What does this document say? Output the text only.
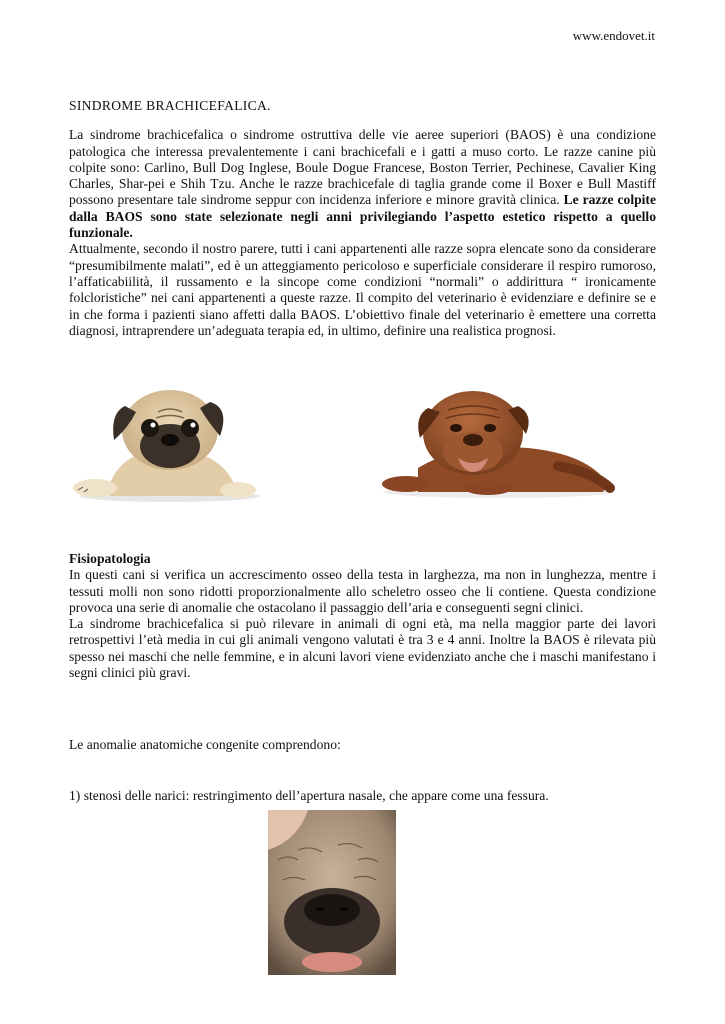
www.endovet.it
SINDROME BRACHICEFALICA.

La sindrome brachicefalica o sindrome ostruttiva delle vie aeree superiori (BAOS) è una condizione patologica che interessa prevalentemente i cani brachicefali e i gatti a muso corto. Le razze canine più colpite sono: Carlino, Bull Dog Inglese, Boule Dogue Francese, Boston Terrier, Pechinese, Cavalier King Charles, Shar-pei e Shih Tzu. Anche le razze brachicefale di taglia grande come il Boxer e Bull Mastiff possono presentare tale sindrome seppur con incidenza inferiore e minore gravità clinica. Le razze colpite dalla BAOS sono state selezionate negli anni privilegiando l’aspetto estetico rispetto a quello funzionale.

Attualmente, secondo il nostro parere, tutti i cani appartenenti alle razze sopra elencate sono da considerare “presumibilmente malati”, ed è un atteggiamento pericoloso e superficiale considerare il respiro rumoroso, l’affaticabiilità, il russamento e la sincope come condizioni “normali” o addirittura “ ironicamente folcloristiche” nei cani appartenenti a queste razze. Il compito del veterinario è evidenziare e definire se e in che forma i pazienti siano affetti dalla BAOS. L’obiettivo finale del veterinario è emettere una corretta diagnosi, intraprendere un’adeguata terapia ed, in ultimo, definire una realistica prognosi.

Fisiopatologia

In questi cani si verifica un accrescimento osseo della testa in larghezza, ma non in lunghezza, mentre i tessuti molli non sono ridotti proporzionalmente allo scheletro osseo che li contiene. Questa condizione provoca una serie di anomalie che ostacolano il passaggio dell’aria e conseguenti segni clinici.

La sindrome brachicefalica si può rilevare in animali di ogni età, ma nella maggior parte dei lavori retrospettivi l’età media in cui gli animali vengono valutati è tra 3 e 4 anni. Inoltre la BAOS è rilevata più spesso nei maschi che nelle femmine, e in alcuni lavori viene evidenziato anche che i maschi manifestano i segni clinici più gravi.

Le anomalie anatomiche congenite comprendono:
1) stenosi delle narici: restringimento dell’apertura nasale, che appare come una fessura.
